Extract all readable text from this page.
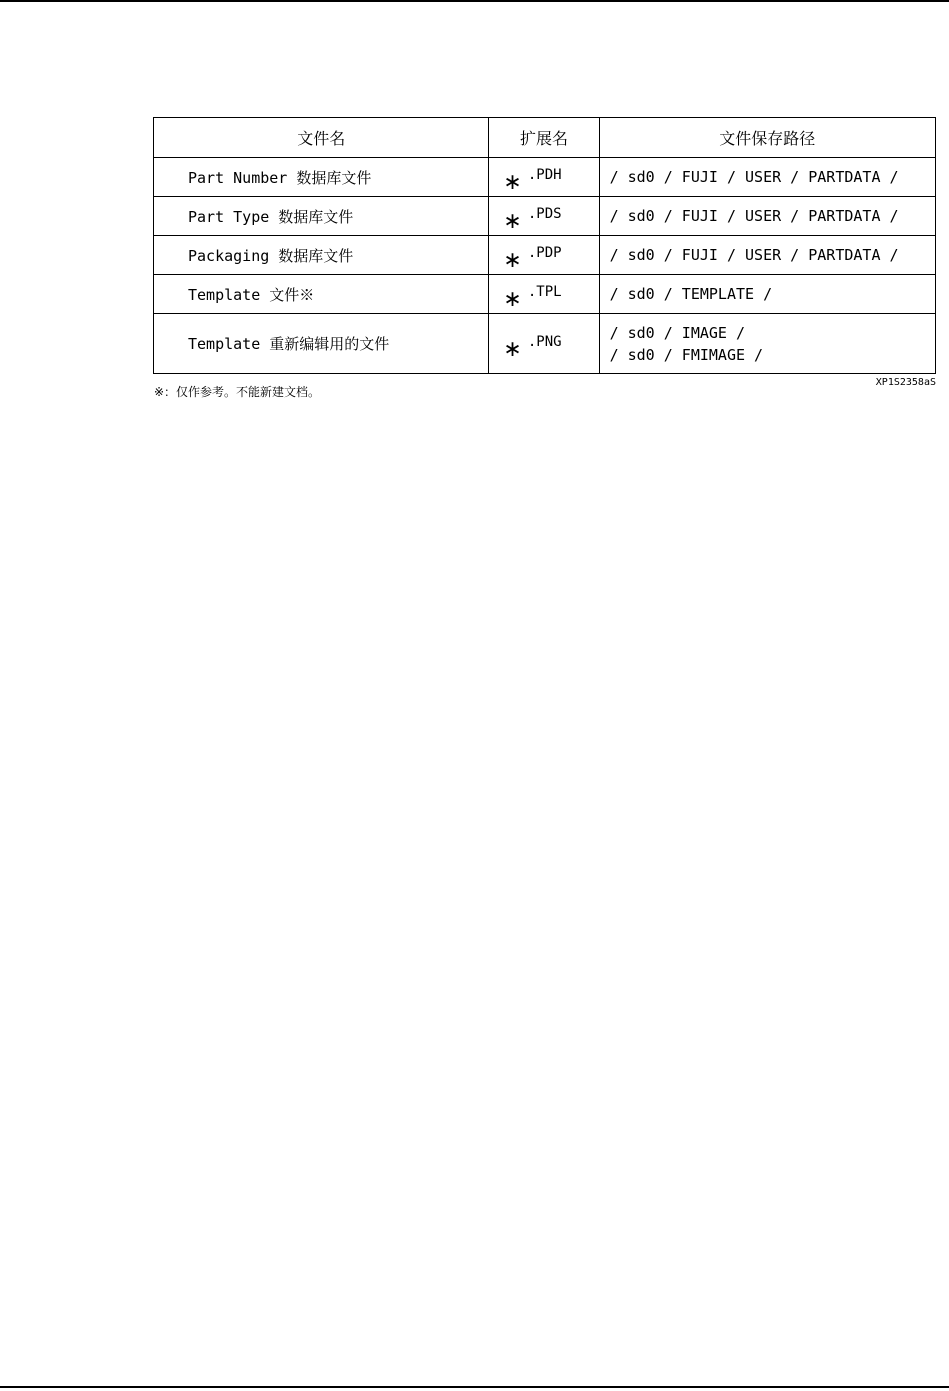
文件名	扩展名	文件保存路径
Part Number 数据库文件	∗ .PDH	/ sd0 / FUJI / USER / PARTDATA /

Part Type 数据库文件	∗ .PDS	/ sd0 / FUJI / USER / PARTDATA /

Packaging 数据库文件	∗ .PDP	/ sd0 / FUJI / USER / PARTDATA /

Template 文件※	∗ .TPL	/ sd0 / TEMPLATE /

Template 重新编辑用的文件	∗ .PNG	/ sd0 / IMAGE /
/ sd0 / FMIMAGE /
※：仅作参考。不能新建文档。
XP1S2358aS
